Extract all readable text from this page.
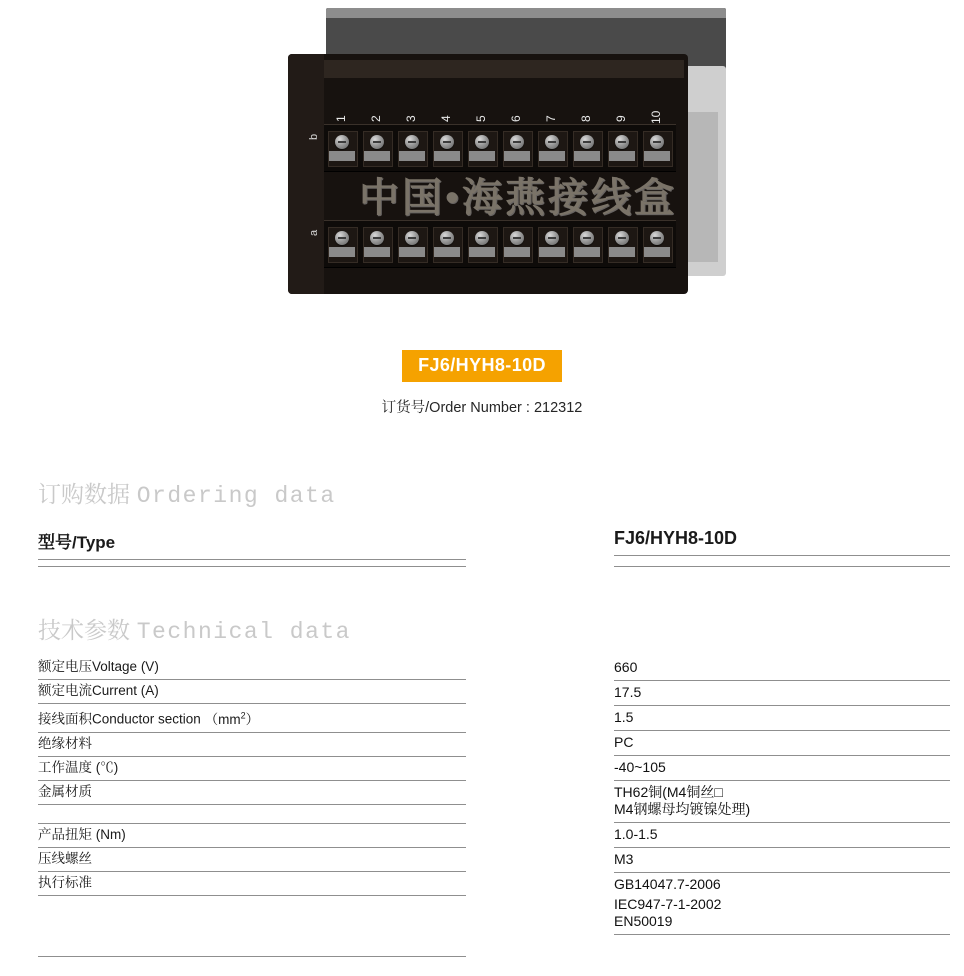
1 2 3 4 5 6 7 8 9 10
b
a
中国•海燕接线盒
FJ6/HYH8-10D
订货号/Order Number : 212312
订购数据 Ordering data
型号/Type	FJ6/HYH8-10D
技术参数 Technical data
额定电压Voltage (V)
额定电流Current (A)
接线面积Conductor section $(mm^2)$
绝缘材料
工作温度 (℃)
金属材质
产品扭矩 (Nm)
压线螺丝
执行标准
660
17.5
1.5
PC
-40~105
TH62铜(M4铜丝□
M4钢螺母均镀镍处理)
1.0-1.5
M3
GB14047.7-2006
IEC947-7-1-2002
EN50019
